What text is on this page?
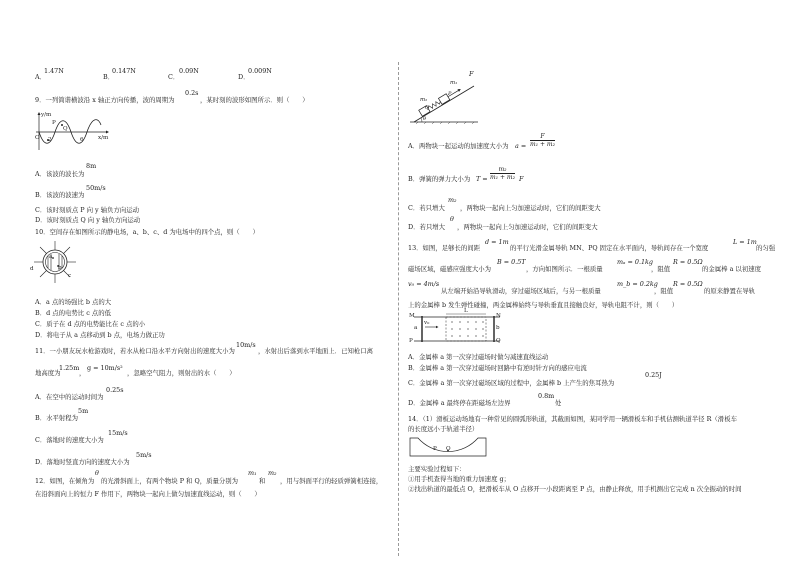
A．
1.47N
B．
0.147N
C．
0.09N
D．
0.009N
9．一列简谐横波沿 x 轴正方向传播，波的周期为
0.2s
，某时刻的波形如图所示．则（　　）
y/m
x/m
O
P
Q
2	6
A．该波的波长为
8m
B．该波的波速为
50m/s
C．该时刻质点 P 向 y 轴负方向运动
D．该时刻质点 Q 向 y 轴负方向运动
10．空间存在如图所示的静电场，a、b、c、d 为电场中的四个点，则（　　）
a
b
c
d
A．a 点的场强比 b 点的大
B．d 点的电势比 c 点的低
C．质子在 d 点的电势能比在 c 点的小
D．将电子从 a 点移动到 b 点，电场力做正功
11．一小朋友玩水枪游戏时，若水从枪口沿水平方向射出的速度大小为
10m/s
，水射出后落到水平地面上．已知枪口离
地高度为
1.25m
，
g = 10m/s²
，忽略空气阻力，则射出的水（　　）
A．在空中的运动时间为
0.25s
B．水平射程为
5m
C．落地时的速度大小为
15m/s
D．落地时竖直方向的速度大小为
5m/s
12．如图，在倾角为
θ
的光滑斜面上，有两个物块 P 和 Q，质量分别为
m₁
和
m₂
，用与斜面平行的轻质弹簧相连接，
在沿斜面向上的恒力 F 作用下，两物块一起向上做匀加速直线运动，则（　　）
F
m₁
m₂
Q
P
θ
A．两物块一起运动的加速度大小为 $a = \frac{F}{\text{m₁ + m₂}}$
B．弹簧的弹力大小为 $T = \frac{\text{m₂}}{\text{m₁ + m₂}}$ F
C．若只增大
m₂
，两物块一起向上匀加速运动时，它们的间距变大
D．若只增大
θ
，两物块一起向上匀加速运动时，它们的间距变大
13．如图，足够长的间距
d = 1m
的平行光滑金属导轨 MN、PQ 固定在水平面内，导轨间存在一个宽度
L = 1m
的匀强
磁场区域，磁感应强度大小为
B = 0.5T
，方向如图所示．一根质量
mₐ = 0.1kg
，阻值
R = 0.5Ω
的金属棒 a 以初速度
v₀ = 4m/s
从左端开始沿导轨滑动，穿过磁场区域后，与另一根质量
m_b = 0.2kg
，阻值
R = 0.5Ω
的原来静置在导轨
上的金属棒 b 发生弹性碰撞，两金属棒始终与导轨垂直且接触良好，导轨电阻不计，则（　　）
M	N
P	Q
a	b
v₀
L
A．金属棒 a 第一次穿过磁场时做匀减速直线运动
B．金属棒 a 第一次穿过磁场时回路中有逆时针方向的感应电流
C．金属棒 a 第一次穿过磁场区域的过程中，金属棒 b 上产生的焦耳热为
0.25J
D．金属棒 a 最终停在距磁场左边界
0.8m
处
14．（1）滑板运动场地有一种常见的圆弧形轨道，其截面如图，某同学用一辆滑板车和手机估测轨道半径 R（滑板车
的长度远小于轨道半径）
O
P
主要实验过程如下：
①用手机查得当地的重力加速度 g；
②找出轨道的最低点 O，把滑板车从 O 点移开一小段距离至 P 点，由静止释放，用手机测出它完成 n 次全振动的时间
